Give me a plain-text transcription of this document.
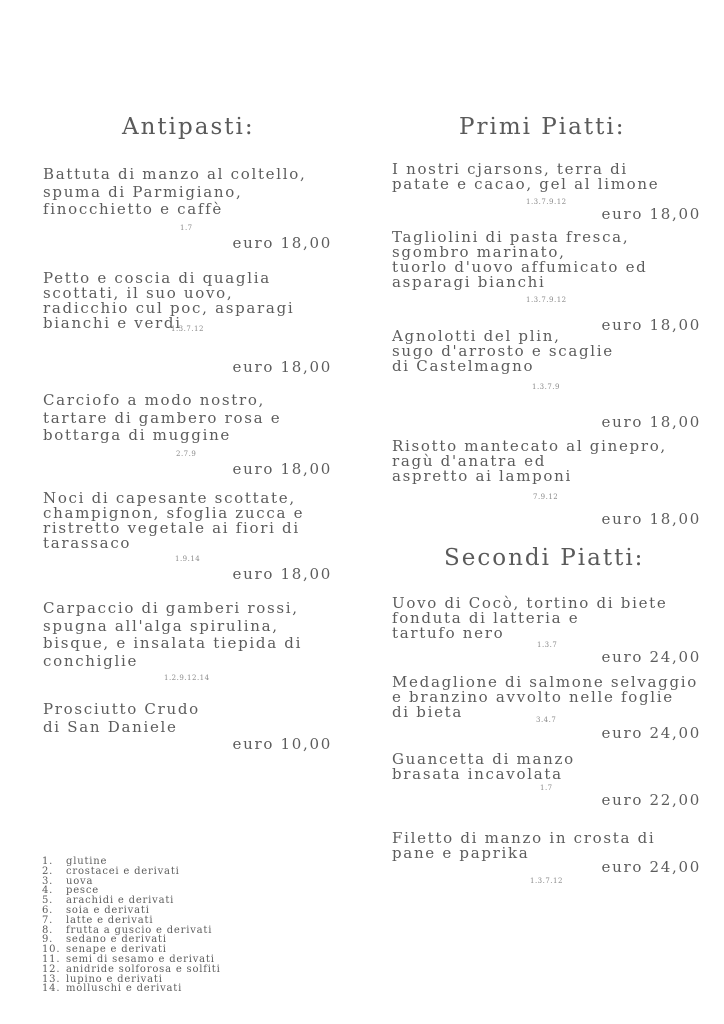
Antipasti:
Battuta di manzo al coltello,
spuma di Parmigiano,
finocchietto e caffè
1.7
euro 18,00
Petto e coscia di quaglia
scottati, il suo uovo,
radicchio cul poc, asparagi
bianchi e verdi
1.3.7.12
euro 18,00
Carciofo a modo nostro,
tartare di gambero rosa e
bottarga di muggine
2.7.9
euro 18,00
Noci di capesante scottate,
champignon, sfoglia zucca e
ristretto vegetale ai fiori di
tarassaco
1.9.14
euro 18,00
Carpaccio di gamberi rossi,
spugna all'alga spirulina,
bisque, e insalata tiepida di
conchiglie
1.2.9.12.14
Prosciutto Crudo
di San Daniele
euro 10,00
Primi Piatti:
I nostri cjarsons, terra di
patate e cacao, gel al limone
1.3.7.9.12
euro 18,00
Tagliolini di pasta fresca,
sgombro marinato,
tuorlo d'uovo affumicato ed
asparagi bianchi
1.3.7.9.12
euro 18,00
Agnolotti del plin,
sugo d'arrosto e scaglie
di Castelmagno
1.3.7.9
euro 18,00
Risotto mantecato al ginepro,
ragù d'anatra ed
aspretto ai lamponi
7.9.12
euro 18,00
Secondi Piatti:
Uovo di Cocò, tortino di biete
fonduta di latteria e
tartufo nero
1.3.7
euro 24,00
Medaglione di salmone selvaggio
e branzino avvolto nelle foglie
di bieta	3.4.7
euro 24,00
Guancetta di manzo
brasata incavolata
1.7
euro 22,00
Filetto di manzo in crosta di
pane e paprika
1.3.7.12
euro 24,00
1. glutine
2. crostacei e derivati
3. uova
4. pesce
5. arachidi e derivati
6. soia e derivati
7. latte e derivati
8. frutta a guscio e derivati
9. sedano e derivati
10. senape e derivati
11. semi di sesamo e derivati
12. anidride solforosa e solfiti
13. lupino e derivati
14. molluschi e derivati
